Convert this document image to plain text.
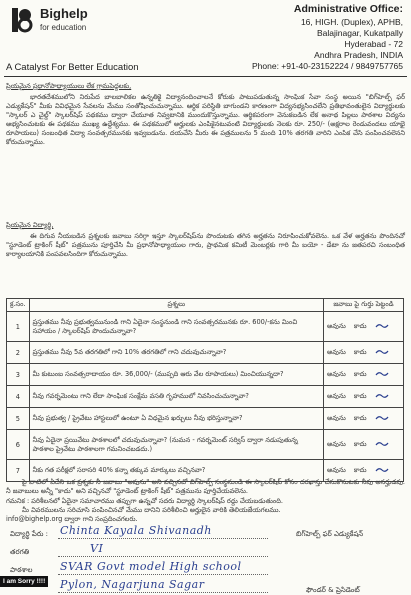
Bighelp
for education
A Catalyst For Better Education
Administrative Office:
16, HIGH. (Duplex), APHB,
Balajinagar, Kukatpally
Hyderabad - 72
Andhra Pradesh, INDIA
Phone: +91-40-23152224 / 9849757765
ప్రియమైన ప్రధానోపాధ్యాయులు లేక గ్రామపెద్దలకు,
భారతదేశములోని నిరుపేద బాలబాలికల ఉన్నతికై విద్యానందించాలనే కోరుకు పాటుపడుతున్న సాంఘిక సేవా సంస్థ అయిన "బిగ్‌హెల్ప్ ఫర్ ఎడ్యుకేషన్" మీకు వివిధమైన సేవలను మేము సంతోషించుచున్నాము. ఆర్థిక పరిస్థితి బాగుండని కారణంగా విద్యనభ్యసించలేని ప్రతిభావంతులైన విద్యార్థులకు "స్కాలర్ ఎ చైల్డ్" స్కాలర్‌షిప్ పథకము ద్వారా చేయూత నివ్వటానికి ముందుకొస్తున్నాము. ఆర్థికపరంగా వెనుకబడిన లేక అనాథ పిల్లలు పాఠశాల విద్యను అభ్యసించుటకు ఈ పథకము ముఖ్య ఉద్దేశ్యము. ఈ పథకములో అర్హులకు ఎంపికైనటువంటి విద్యార్థులకు నెలకు రూ. 250/- (అక్షరాల రెండువందలు యాభై రూపాయలు) సంబంధిత విద్యా సంవత్సరమునకు ఇవ్వబడును. దయచేసి మీరు ఈ పత్రములను 5 మంది 10% తరగతి వారిని ఎంపిక చేసి పంపించవలెనని కోరుచున్నాము.
ప్రియమైన విద్యార్థి,
ఈ దిగువ నీయబడిన ప్రశ్నలకు జవాబు సరిగ్గా ఇస్తూ స్కాలర్‌షిప్‌ను పొందుటకు తగిన అర్హతను నిరూపించుకోవలెను. ఒక వేళ అర్హతను పొందినచో "స్టూడెంట్ ట్రాకింగ్ షీట్" పత్రమును పూర్తిచేసి మీ ప్రధానోపాధ్యాయుల గారు, ప్రాథమిక కమిటీ మెంబర్లకు గారి మీ బయో - డేటా ను జతపరచి సంబంధిత కార్యాలయానికి పంపవలసిందిగా కోరుచున్నాము.
క్ర.సం.	ప్రశ్నలు	జవాబు పై గుర్తు పెట్టండి
1	ప్రస్తుతము నీవు ప్రభుత్వమునుండి గాని ఏదైనా సంస్థనుండి గాని సంవత్సరమునకు రూ. 600/-కను మించి సహాయం / స్కాలర్‌షిప్ పొందుచున్నావా?	అవును కాదు
2	ప్రస్తుతము నీవు 5వ తరగతిలో గాని 10% తరగతిలో గాని చదువుచున్నావా?	అవును కాదు
3	మీ కుటుంబ సంవత్సరాదాయం రూ. 36,000/- (ముప్పది ఆరు వేల రూపాయలు) మించియున్నదా?	అవును కాదు
4	నీవు గవర్నమెంటు గాని లేదా సాంఘిక సంక్షేమ వసతి గృహములో నివసించుచున్నావా?	అవును కాదు
5	నీవు ప్రభుత్వ / ప్రైవేటు హాస్టలులో ఉంటూ ఏ విధమైన ఖర్చులు నీవు భరిస్తున్నావా?	అవును కాదు
6	నీవు ఏదైనా ప్రయివేటు పాఠశాలలో చదువుచున్నావా? (నుమన - గవర్నమెంట్ సర్విస్ ద్వారా నడుపుతున్న పాఠశాల ప్రైవేటు పాఠశాలగా గమనించబడదు.)	అవును కాదు
7	నీకు గత పరీక్షలో సరాసరి 40% కన్నా తక్కువ మార్కులు వచ్చినవా?	అవును కాదు
పై వాటిలో ఏదేని ఒక ప్రశ్నకు నీ జవాబు "అవును" అని వచ్చినచో బిగ్‌హెల్ప్ సంస్థనుండి ఈ స్కాలర్‌షిప్ కోసం దరఖాస్తు చేసుకొనుటకు నీవు అనర్హుడవు. నీ జవాబులు అన్నీ "కాదు" అని వచ్చినచో "స్టూడెంట్ ట్రాకింగ్ షీట్" పత్రమును పూర్తిచేయవలెను.
గమనిక : పరిశీలనలో ఏదైనా సమాచారము తప్పుగా ఉన్నచో సదరు విద్యార్థి స్కాలర్‌షిప్ రద్దు చేయబడుతుంది.
మీ వివరములను సరిచూసి పంపించినచో మేము దానిని పరిశీలించి అర్హులైన వారికి తెలియజేయగలము.
info@bighelp.org ద్వారా గాని సంప్రదించగలరు.
విద్యార్థి పేరు : Chinta Kayala Shivanadh
తరగతి	VI
పాఠశాల SVAR Govt model High school
Pylon, Nagarjuna Sagar
బిగ్‌హెల్ప్ ఫర్ ఎడ్యుకేషన్
ఫౌండర్ & ప్రెసిడెంట్
I am Sorry !!!!
